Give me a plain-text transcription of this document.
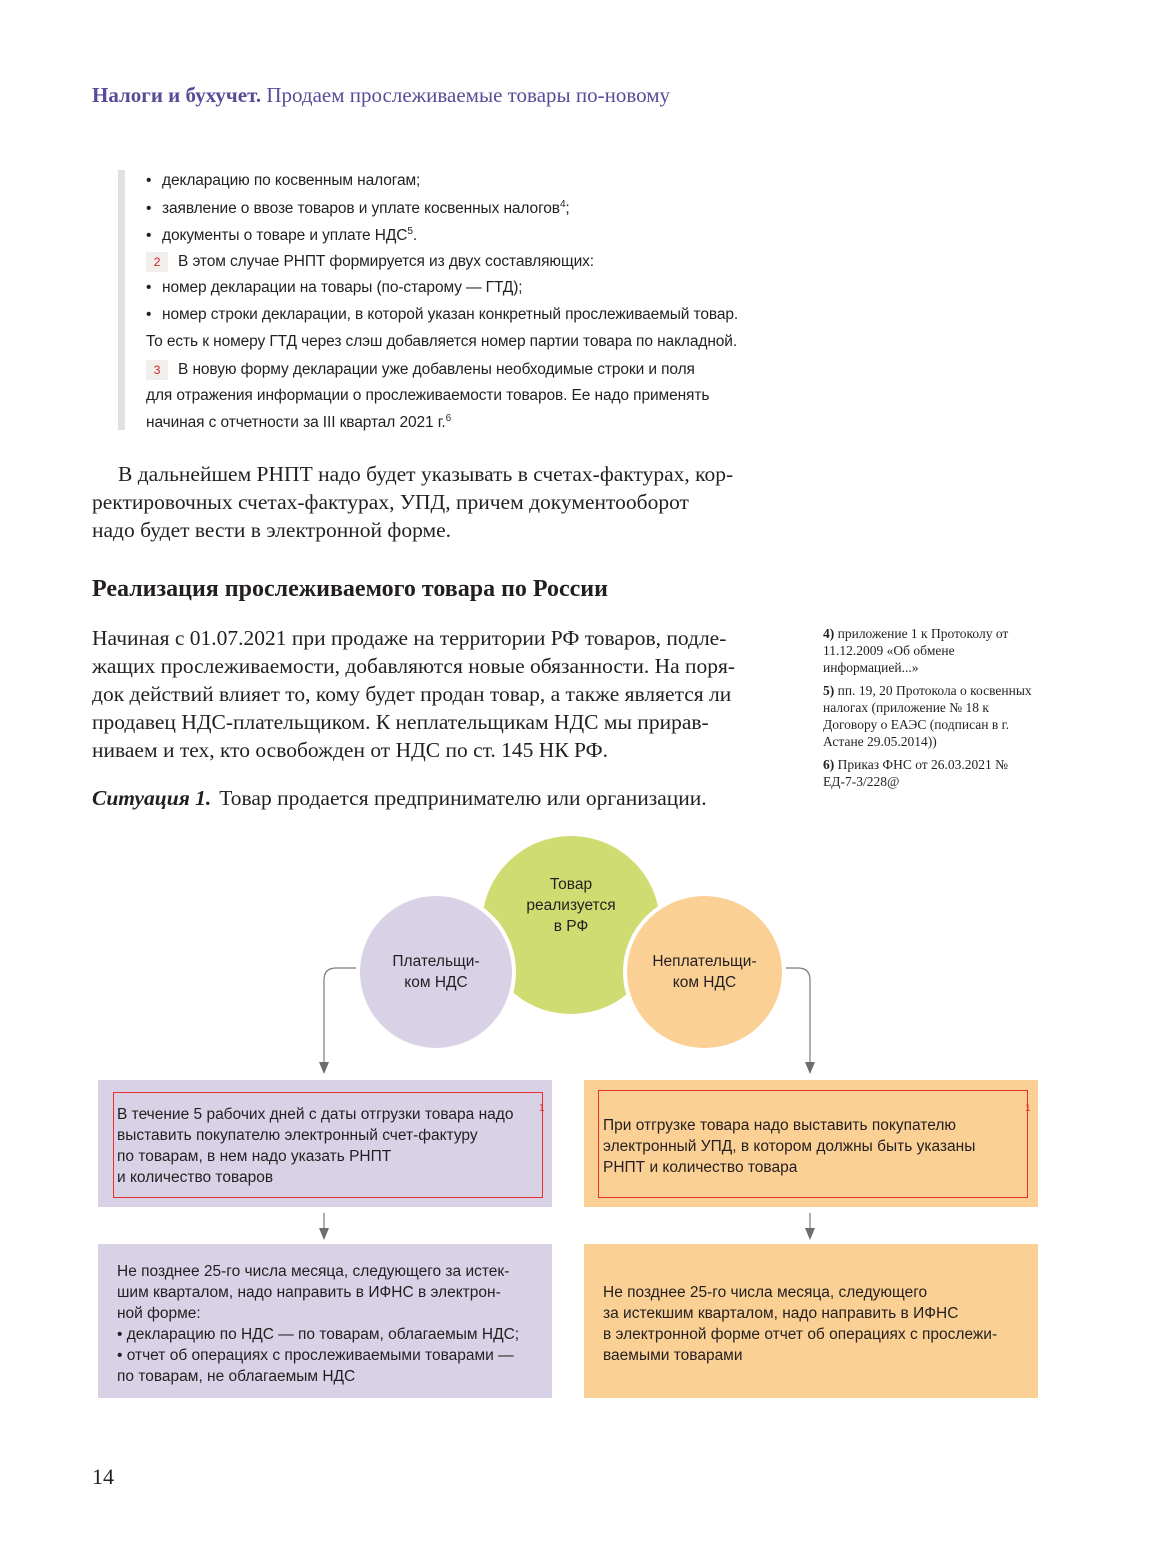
Налоги и бухучет. Продаем прослеживаемые товары по-новому
• декларацию по косвенным налогам;
• заявление о ввозе товаров и уплате косвенных налогов$^4$;
• документы о товаре и уплате НДС$^5$.
2 В этом случае РНПТ формируется из двух составляющих:
• номер декларации на товары (по-старому — ГТД);
• номер строки декларации, в которой указан конкретный прослеживаемый товар.
То есть к номеру ГТД через слэш добавляется номер партии товара по накладной.
3 В новую форму декларации уже добавлены необходимые строки и поля
для отражения информации о прослеживаемости товаров. Ее надо применять
начиная с отчетности за III квартал 2021 г.$^6$

В дальнейшем РНПТ надо будет указывать в счетах-фактурах, кор-

ректировочных счетах-фактурах, УПД, причем документооборот

надо будет вести в электронной форме.

Реализация прослеживаемого товара по России

Начиная с 01.07.2021 при продаже на территории РФ товаров, подле-

жащих прослеживаемости, добавляются новые обязанности. На поря-

док действий влияет то, кому будет продан товар, а также является ли

продавец НДС-плательщиком. К неплательщикам НДС мы прирав-

ниваем и тех, кто освобожден от НДС по ст. 145 НК РФ.

Ситуация 1. Товар продается предпринимателю или организации.
4) приложение 1 к Протоколу от 11.12.2009 «Об обмене информацией...»
5) пп. 19, 20 Протокола о косвенных налогах (приложение № 18 к Договору о ЕАЭС (подписан в г. Астане 29.05.2014))
6) Приказ ФНС от 26.03.2021 № ЕД-7-3/228@
Товар
реализуется
в РФ
Плательщи-
ком НДС
Неплательщи-
ком НДС
1
В течение 5 рабочих дней с даты отгрузки товара надо
выставить покупателю электронный счет-фактуру
по товарам, в нем надо указать РНПТ
и количество товаров
1
При отгрузке товара надо выставить покупателю
электронный УПД, в котором должны быть указаны
РНПТ и количество товара
Не позднее 25-го числа месяца, следующего за истек-
шим кварталом, надо направить в ИФНС в электрон-
ной форме:
• декларацию по НДС — по товарам, облагаемым НДС;
• отчет об операциях с прослеживаемыми товарами —
по товарам, не облагаемым НДС
Не позднее 25-го числа месяца, следующего
за истекшим кварталом, надо направить в ИФНС
в электронной форме отчет об операциях с прослежи-
ваемыми товарами
14
